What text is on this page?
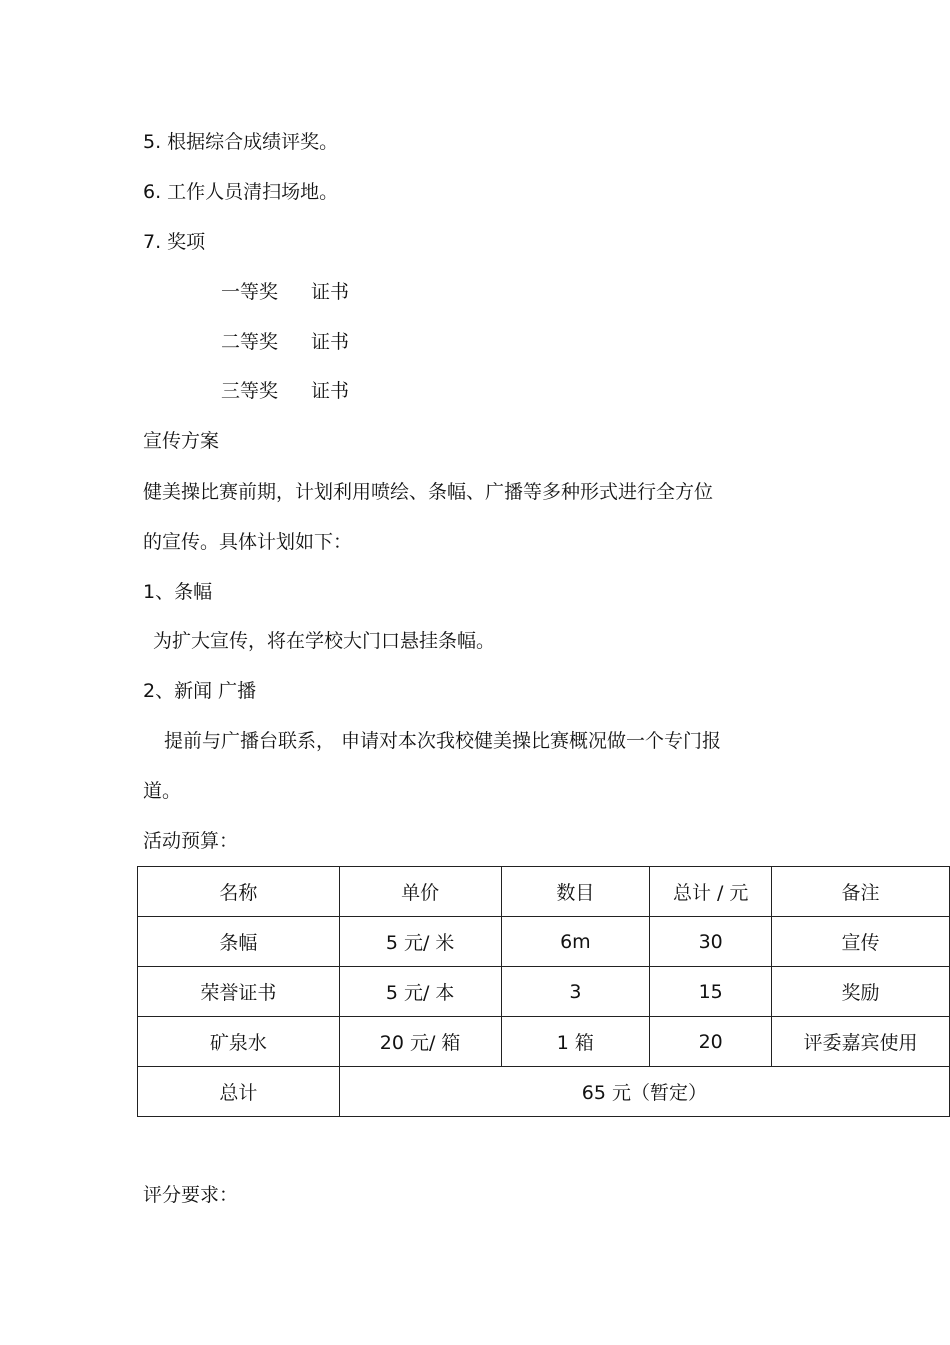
5. 根据综合成绩评奖。
6. 工作人员清扫场地。
7. 奖项
一等奖 证书
二等奖 证书
三等奖 证书
宣传方案
健美操比赛前期，计划利用喷绘、条幅、广播等多种形式进行全方位
的宣传。具体计划如下：
1、条幅
为扩大宣传，将在学校大门口悬挂条幅。
2、新闻 广播
提前与广播台联系， 申请对本次我校健美操比赛概况做一个专门报
道。
活动预算：
名称	单价	数目	总计 / 元	备注
条幅	5 元/ 米	6m	30	宣传
荣誉证书	5 元/ 本	3	15	奖励
矿泉水	20 元/ 箱	1 箱	20	评委嘉宾使用
总计	65 元（暂定）			
评分要求：
